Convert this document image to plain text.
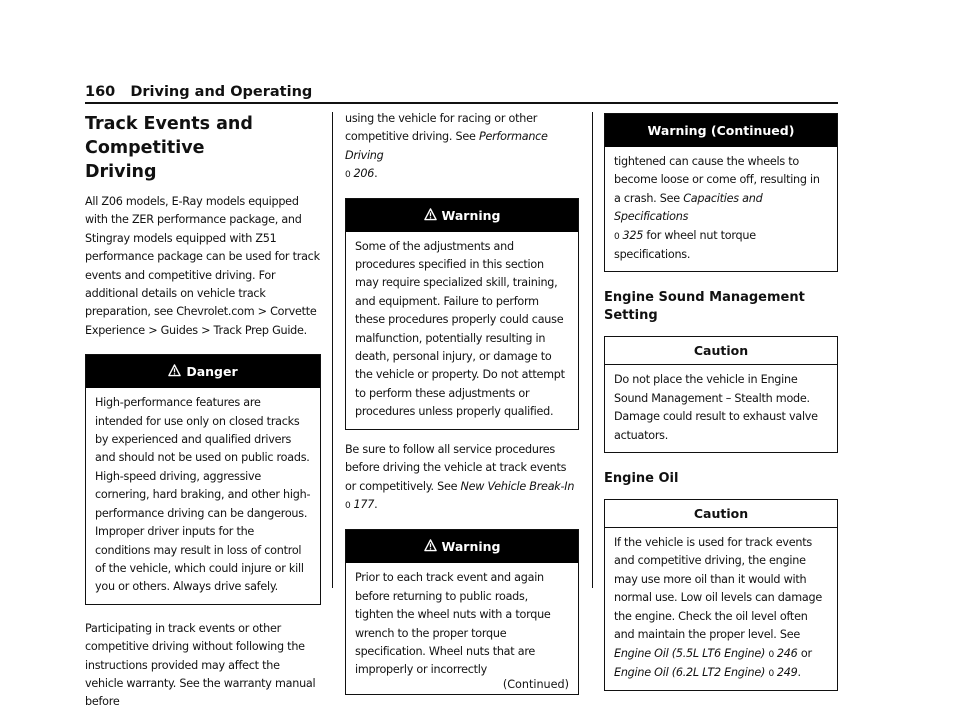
160 Driving and Operating
Track Events and Competitive
Driving

All Z06 models, E-Ray models equipped with the ZER performance package, and Stingray models equipped with Z51 performance package can be used for track events and competitive driving. For additional details on vehicle track preparation, see Chevrolet.com > Corvette Experience > Guides > Track Prep Guide.

Danger

High-performance features are intended for use only on closed tracks by experienced and qualified drivers and should not be used on public roads. High-speed driving, aggressive cornering, hard braking, and other high-performance driving can be dangerous. Improper driver inputs for the conditions may result in loss of control of the vehicle, which could injure or kill you or others. Always drive safely.

Participating in track events or other competitive driving without following the instructions provided may affect the vehicle warranty. See the warranty manual before

using the vehicle for racing or other competitive driving. See Performance Driving
0 206.

Warning

Some of the adjustments and procedures specified in this section may require specialized skill, training, and equipment. Failure to perform these procedures properly could cause malfunction, potentially resulting in death, personal injury, or damage to the vehicle or property. Do not attempt to perform these adjustments or procedures unless properly qualified.

Be sure to follow all service procedures before driving the vehicle at track events or competitively. See New Vehicle Break-In
0 177.

Warning

Prior to each track event and again before returning to public roads, tighten the wheel nuts with a torque wrench to the proper torque specification. Wheel nuts that are improperly or incorrectly

(Continued)
Warning (Continued)

tightened can cause the wheels to become loose or come off, resulting in a crash. See Capacities and Specifications
0 325 for wheel nut torque specifications.

Engine Sound Management Setting
Caution

Do not place the vehicle in Engine Sound Management – Stealth mode. Damage could result to exhaust valve actuators.

Engine Oil
Caution

If the vehicle is used for track events and competitive driving, the engine may use more oil than it would with normal use. Low oil levels can damage the engine. Check the oil level often and maintain the proper level. See Engine Oil (5.5L LT6 Engine) 0 246 or
Engine Oil (6.2L LT2 Engine) 0 249.
